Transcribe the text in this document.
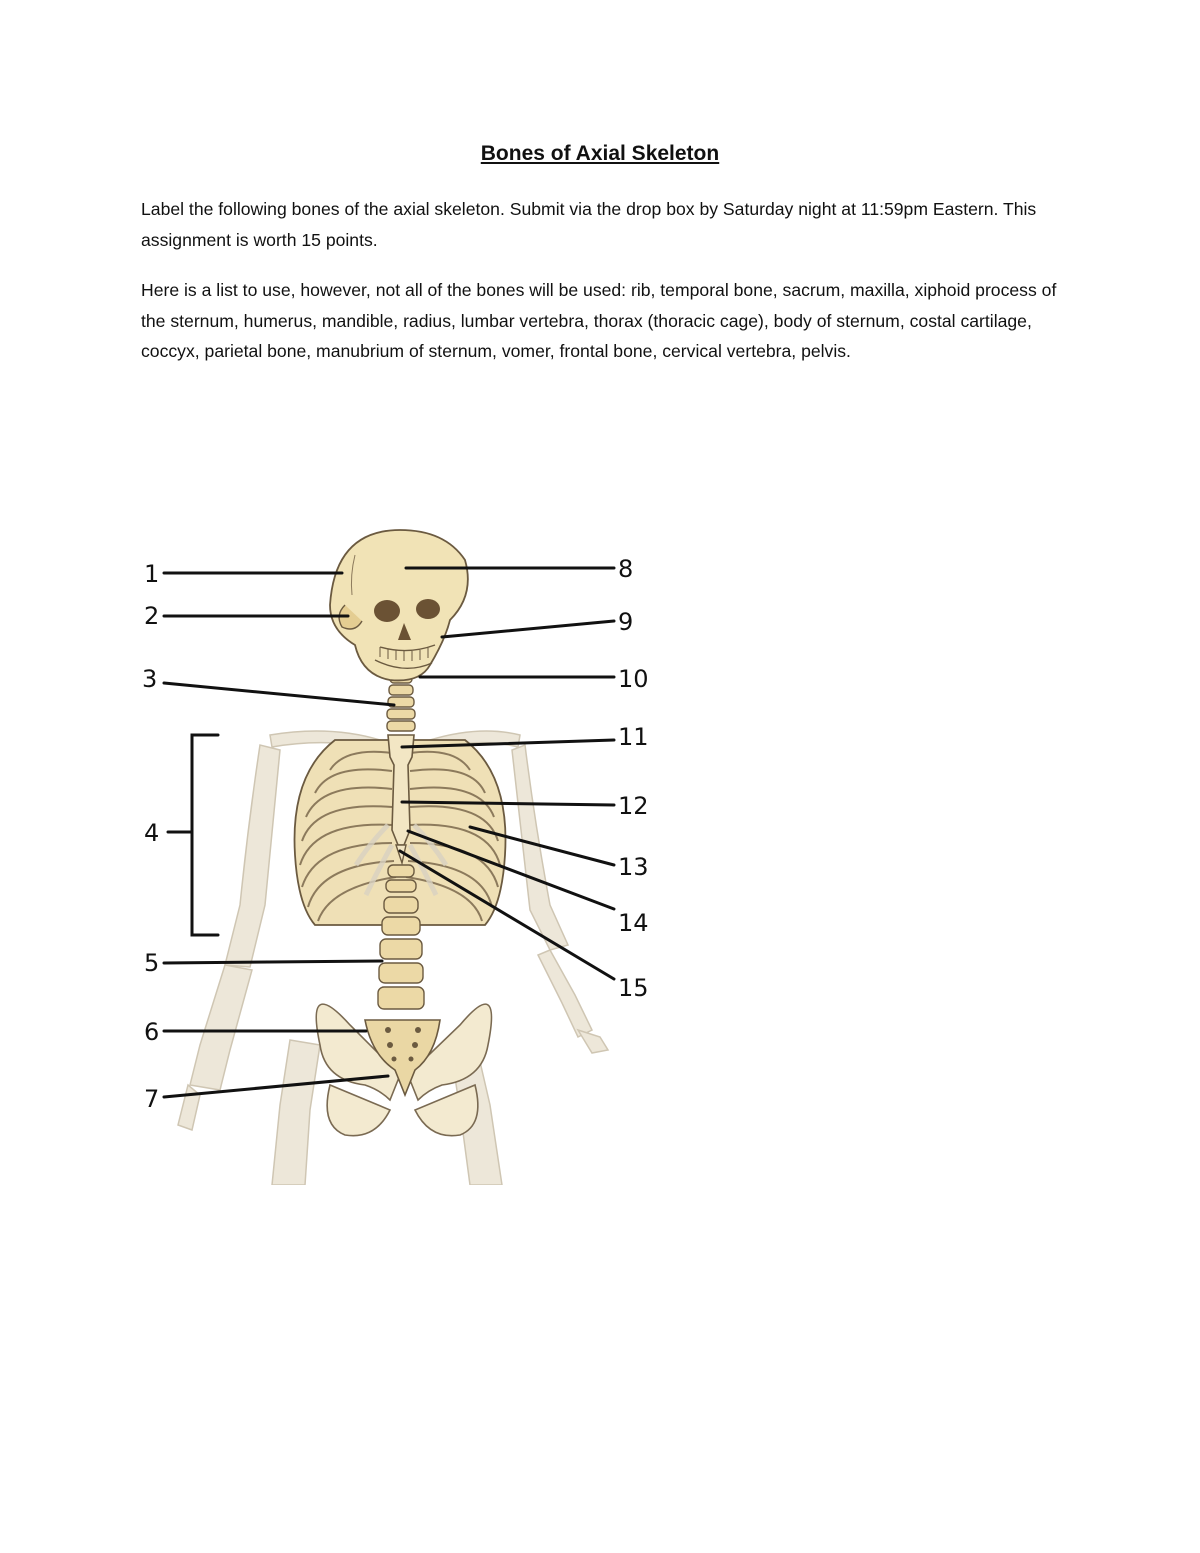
Bones of Axial Skeleton

Label the following bones of the axial skeleton. Submit via the drop box by Saturday night at 11:59pm Eastern. This assignment is worth 15 points.

Here is a list to use, however, not all of the bones will be used: rib, temporal bone, sacrum, maxilla, xiphoid process of the sternum, humerus, mandible, radius, lumbar vertebra, thorax (thoracic cage), body of sternum, costal cartilage, coccyx, parietal bone, manubrium of sternum, vomer, frontal bone, cervical vertebra, pelvis.

1
2
3
4
5
6
7
8
9
10
11
12
13
14
15
